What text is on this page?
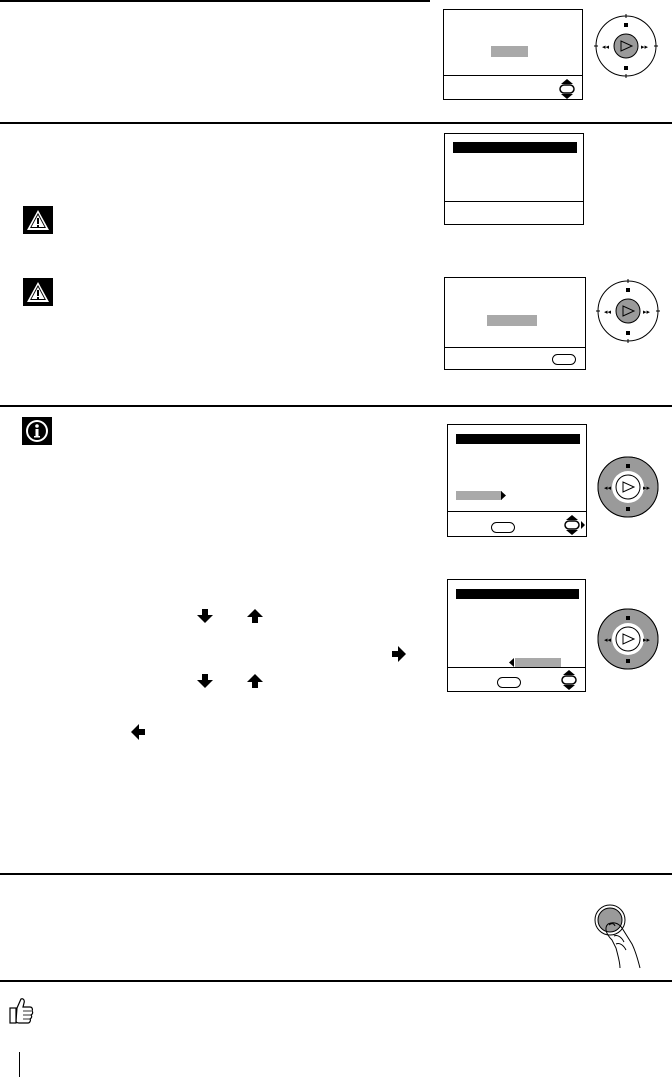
◂◂	▸▸
◂◂	▸▸
◂◂	▸▸
◂◂	▸▸
